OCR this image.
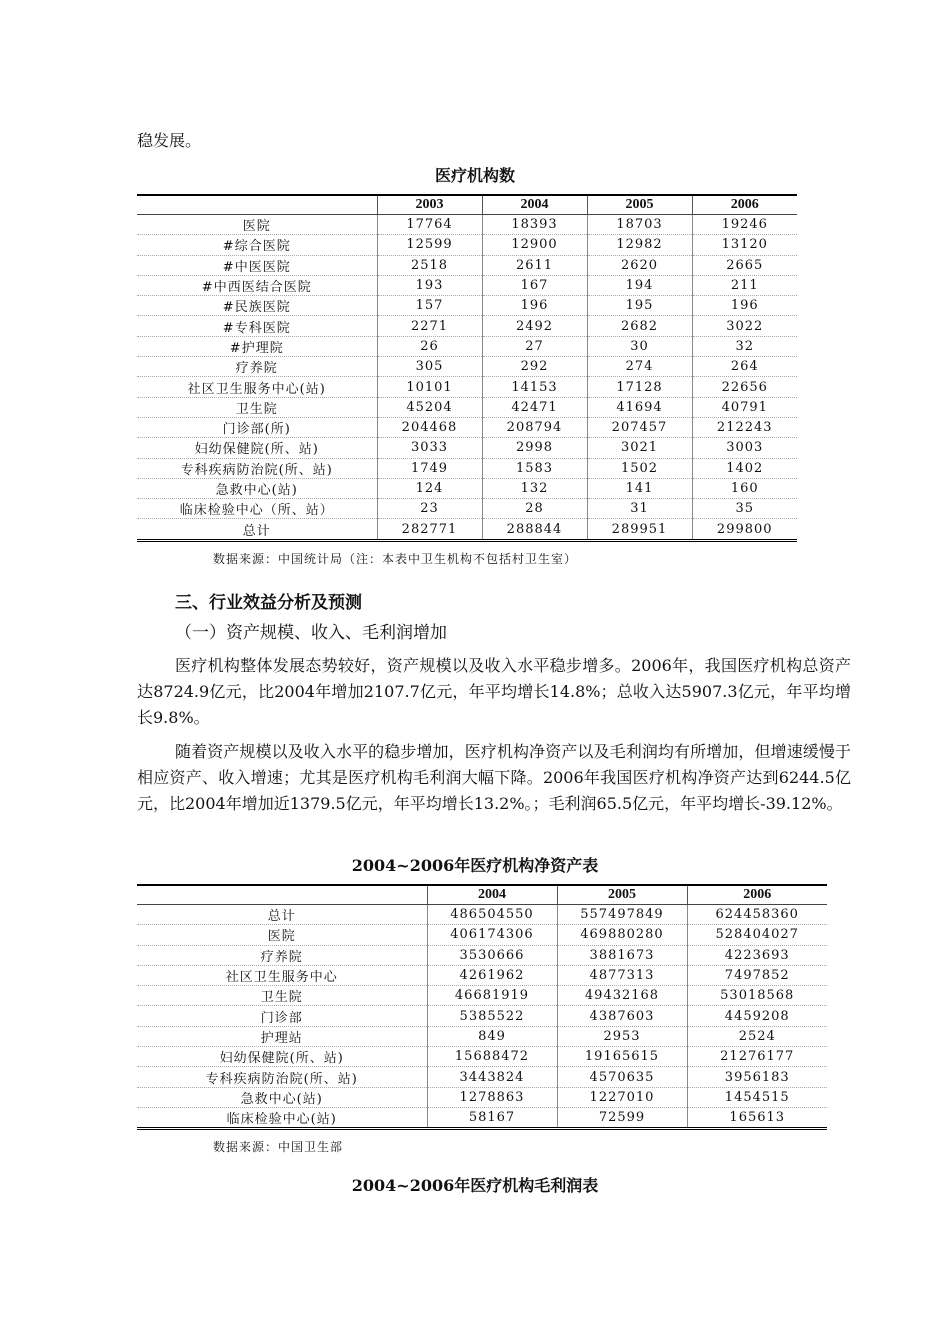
稳发展。
医疗机构数
	2003	2004	2005	2006
医院	17764	18393	18703	19246
#综合医院	12599	12900	12982	13120
#中医医院	2518	2611	2620	2665
#中西医结合医院	193	167	194	211
#民族医院	157	196	195	196
#专科医院	2271	2492	2682	3022
#护理院	26	27	30	32
疗养院	305	292	274	264
社区卫生服务中心(站)	10101	14153	17128	22656
卫生院	45204	42471	41694	40791
门诊部(所)	204468	208794	207457	212243
妇幼保健院(所、站)	3033	2998	3021	3003
专科疾病防治院(所、站)	1749	1583	1502	1402
急救中心(站)	124	132	141	160
临床检验中心（所、站）	23	28	31	35
总计	282771	288844	289951	299800
数据来源：中国统计局（注：本表中卫生机构不包括村卫生室）
三、行业效益分析及预测
（一）资产规模、收入、毛利润增加
医疗机构整体发展态势较好，资产规模以及收入水平稳步增多。2006年，我国医疗机构总资产达8724.9亿元，比2004年增加2107.7亿元，年平均增长14.8%；总收入达5907.3亿元，年平均增长9.8%。
随着资产规模以及收入水平的稳步增加，医疗机构净资产以及毛利润均有所增加，但增速缓慢于相应资产、收入增速；尤其是医疗机构毛利润大幅下降。2006年我国医疗机构净资产达到6244.5亿元，比2004年增加近1379.5亿元，年平均增长13.2%。；毛利润65.5亿元，年平均增长-39.12%。
2004~2006年医疗机构净资产表
	2004	2005	2006
总计	486504550	557497849	624458360
医院	406174306	469880280	528404027
疗养院	3530666	3881673	4223693
社区卫生服务中心	4261962	4877313	7497852
卫生院	46681919	49432168	53018568
门诊部	5385522	4387603	4459208
护理站	849	2953	2524
妇幼保健院(所、站)	15688472	19165615	21276177
专科疾病防治院(所、站)	3443824	4570635	3956183
急救中心(站)	1278863	1227010	1454515
临床检验中心(站)	58167	72599	165613
数据来源：中国卫生部
2004~2006年医疗机构毛利润表
